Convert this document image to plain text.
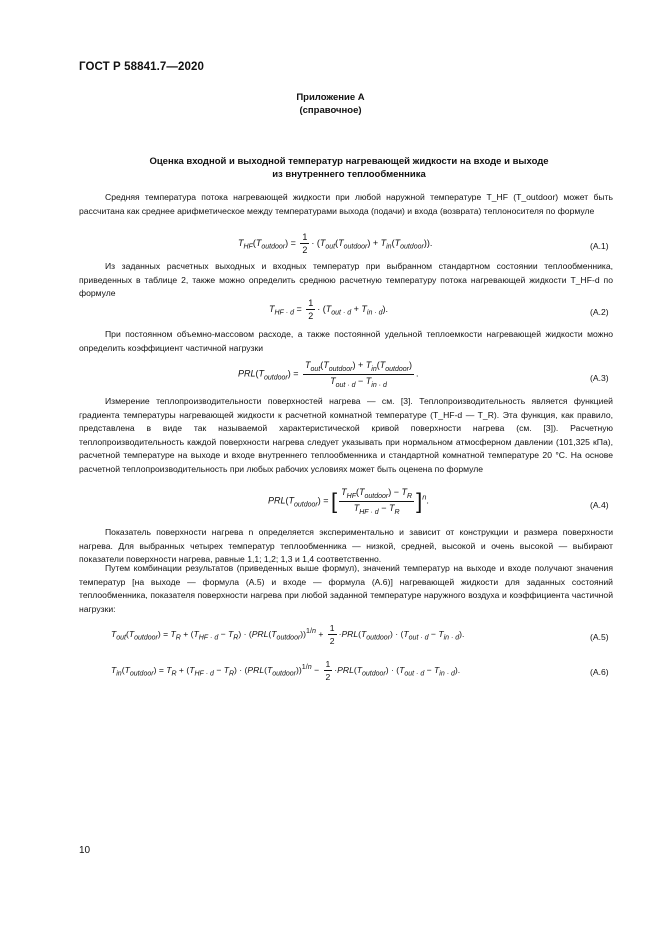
ГОСТ Р 58841.7—2020
Приложение А
(справочное)
Оценка входной и выходной температур нагревающей жидкости на входе и выходе
из внутреннего теплообменника
Средняя температура потока нагревающей жидкости при любой наружной температуре T_HF (T_outdoor) может быть рассчитана как среднее арифметическое между температурами выхода (подачи) и входа (возврата) теплоносителя по формуле
$T_{HF}(T_{outdoor}) = \frac{1}{2} \cdot (T_{out}(T_{outdoor}) + T_{in}(T_{outdoor}))$.	(А.1)
Из заданных расчетных выходных и входных температур при выбранном стандартном состоянии теплообменника, приведенных в таблице 2, также можно определить среднюю расчетную температуру потока нагревающей жидкости T_HF-d по формуле
$T_{HF \cdot d} = \frac{1}{2} \cdot (T_{out \cdot d} + T_{in \cdot d})$.	(А.2)
При постоянном объемно-массовом расходе, а также постоянной удельной теплоемкости нагревающей жидкости можно определить коэффициент частичной нагрузки
$PRL(T_{outdoor}) = \frac{T_{out}(T_{outdoor}) + T_{in}(T_{outdoor})}{T_{out \cdot d} - T_{in \cdot d}}$ .	(А.3)
Измерение теплопроизводительности поверхностей нагрева — см. [3]. Теплопроизводительность является функцией градиента температуры нагревающей жидкости к расчетной комнатной температуре (T_HF-d — T_R). Эта функция, как правило, представлена в виде так называемой характеристической кривой поверхности нагрева (см. [3]). Расчетную теплопроизводительность каждой поверхности нагрева следует указывать при нормальном атмосферном давлении (101,325 кПа), расчетной температуре на выходе и входе внутреннего теплообменника и стандартной комнатной температуре 20 °С. На основе расчетной теплопроизводительность при любых рабочих условиях может быть оценена по формуле
$PRL(T_{outdoor})$ = [ $\frac{T_{HF}(T_{outdoor}) - T_R}{T_{HF \cdot d} - T_R} ]^n$.	(А.4)
Показатель поверхности нагрева n определяется экспериментально и зависит от конструкции и размера поверхности нагрева. Для выбранных четырех температур теплообменника — низкой, средней, высокой и очень высокой — выбирают показатели поверхности нагрева, равные 1,1; 1,2; 1,3 и 1,4 соответственно.
Путем комбинации результатов (приведенных выше формул), значений температур на выходе и входе получают значения температур [на выходе — формула (А.5) и входе — формула (А.6)] нагревающей жидкости для заданных состояний теплообменника, показателя поверхности нагрева при любой заданной температуре наружного воздуха и коэффициента частичной нагрузки:
$T_{out}(T_{outdoor}) = T_R + (T_{HF \cdot d} - T_R) \cdot (PRL(T_{outdoor}))^{1/n} + \frac{1}{2} \cdot PRL(T_{outdoor}) \cdot (T_{out \cdot d} - T_{in \cdot d})$.	(А.5)
$T_{in}(T_{outdoor}) = T_R + (T_{HF \cdot d} - T_R) \cdot (PRL(T_{outdoor}))^{1/n} - \frac{1}{2} \cdot PRL(T_{outdoor}) \cdot (T_{out \cdot d} - T_{in \cdot d})$.	(А.6)
10
